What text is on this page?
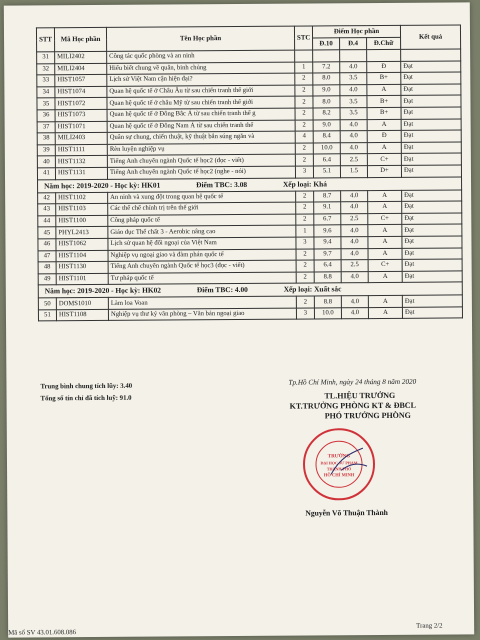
STT	Mã Học phần	Tên Học phần	STC	Điểm Học phần			Kết quả
				Đ.10	Đ.4	Đ.Chữ	
31	MILI2402	Công tác quốc phòng và an ninh					
32	MILI2404	Hiểu biết chung về quân, binh chủng	1	7.2	4.0	Đ	Đạt
33	HIST1057	Lịch sử Việt Nam cận hiện đại?	2	8.0	3.5	B+	Đạt
34	HIST1074	Quan hệ quốc tế ở Châu Âu từ sau chiến tranh thế giới	2	9.0	4.0	A	Đạt
35	HIST1072	Quan hệ quốc tế ở châu Mỹ từ sau chiến tranh thế giới	2	8.0	3.5	B+	Đạt
36	HIST1073	Quan hệ quốc tế ở Đông Bắc Á từ sau chiến tranh thế g	2	8.2	3.5	B+	Đạt
37	HIST1071	Quan hệ quốc tế ở Đông Nam Á từ sau chiến tranh thế	2	9.0	4.0	A	Đạt
38	MILI2403	Quân sự chung, chiến thuật, kỹ thuật bắn súng ngắn và	4	8.4	4.0	Đ	Đạt
39	HIST1111	Rèn luyện nghiệp vụ	2	10.0	4.0	A	Đạt
40	HIST1132	Tiếng Anh chuyên ngành Quốc tế học2 (đọc - viết)	2	6.4	2.5	C+	Đạt
41	HIST1131	Tiếng Anh chuyên ngành Quốc tế học2 (nghe - nói)	3	5.1	1.5	D+	Đạt
Năm học: 2019-2020 - Học kỳ: HK01 Điểm TBC: 3.08 Xếp loại: Khá							
42	HIST1102	An ninh và xung đột trong quan hệ quốc tế	2	8.7	4.0	A	Đạt
43	HIST1103	Các thể chế chính trị trên thế giới	2	9.1	4.0	A	Đạt
44	HIST1100	Công pháp quốc tế	2	6.7	2.5	C+	Đạt
45	PHYL2413	Giáo dục Thể chất 3 - Aerobic nâng cao	1	9.6	4.0	A	Đạt
46	HIST1062	Lịch sử quan hệ đối ngoại của Việt Nam	3	9.4	4.0	A	Đạt
47	HIST1104	Nghiệp vụ ngoại giao và đàm phán quốc tế	2	9.7	4.0	A	Đạt
48	HIST1130	Tiếng Anh chuyên ngành Quốc tế học3 (đọc - viết)	2	6.4	2.5	C+	Đạt
49	HIST1101	Tư pháp quốc tế	2	8.8	4.0	A	Đạt
Năm học: 2019-2020 - Học kỳ: HK02 Điểm TBC: 4.00 Xếp loại: Xuất sắc							
50	DOMS1010	Làm loa Voan	2	8.8	4.0	A	Đạt
51	HIST1108	Nghiệp vụ thư ký văn phòng – Văn bản ngoại giao	3	10.0	4.0	A	Đạt
Trung bình chung tích lũy: 3.40
Tổng số tín chỉ đã tích luỹ: 91.0
Tp.Hồ Chí Minh, ngày 24 tháng 8 năm 2020
TL.HIỆU TRƯỞNG
KT.TRƯỞNG PHÒNG KT & ĐBCL
PHÓ TRƯỞNG PHÒNG
TRƯỜNG
ĐẠI HỌC SƯ PHẠM
THÀNH PHỐ
HỒ CHÍ MINH
Nguyễn Võ Thuận Thành
Mã số SV 43.01.608.086
Trang 2/2
